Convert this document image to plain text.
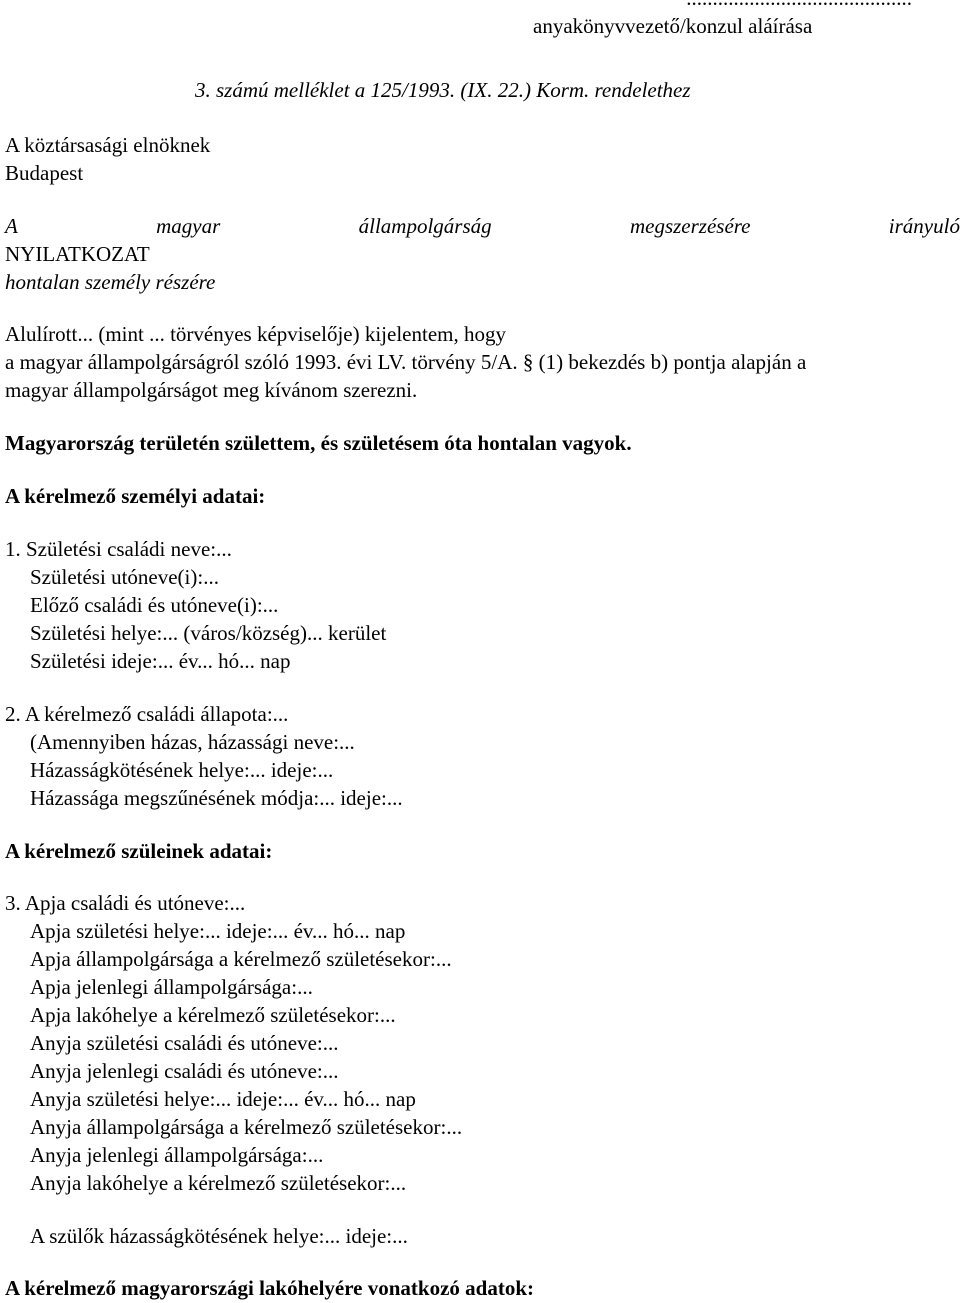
anyakönyvvezető/konzul aláírása
3. számú melléklet a 125/1993. (IX. 22.) Korm. rendelethez
A köztársasági elnöknek
Budapest
A	magyar	állampolgárság	megszerzésére	irányuló
NYILATKOZAT
hontalan személy részére
Alulírott... (mint ... törvényes képviselője) kijelentem, hogy
a magyar állampolgárságról szóló 1993. évi LV. törvény 5/A. § (1) bekezdés b) pontja alapján a
magyar állampolgárságot meg kívánom szerezni.
Magyarország területén születtem, és születésem óta hontalan vagyok.
A kérelmező személyi adatai:
1. Születési családi neve:...
Születési utóneve(i):...
Előző családi és utóneve(i):...
Születési helye:... (város/község)... kerület
Születési ideje:... év... hó... nap
2. A kérelmező családi állapota:...
(Amennyiben házas, házassági neve:...
Házasságkötésének helye:... ideje:...
Házassága megszűnésének módja:... ideje:...
A kérelmező szüleinek adatai:
3. Apja családi és utóneve:...
Apja születési helye:... ideje:... év... hó... nap
Apja állampolgársága a kérelmező születésekor:...
Apja jelenlegi állampolgársága:...
Apja lakóhelye a kérelmező születésekor:...
Anyja születési családi és utóneve:...
Anyja jelenlegi családi és utóneve:...
Anyja születési helye:... ideje:... év... hó... nap
Anyja állampolgársága a kérelmező születésekor:...
Anyja jelenlegi állampolgársága:...
Anyja lakóhelye a kérelmező születésekor:...
A szülők házasságkötésének helye:... ideje:...
A kérelmező magyarországi lakóhelyére vonatkozó adatok:
